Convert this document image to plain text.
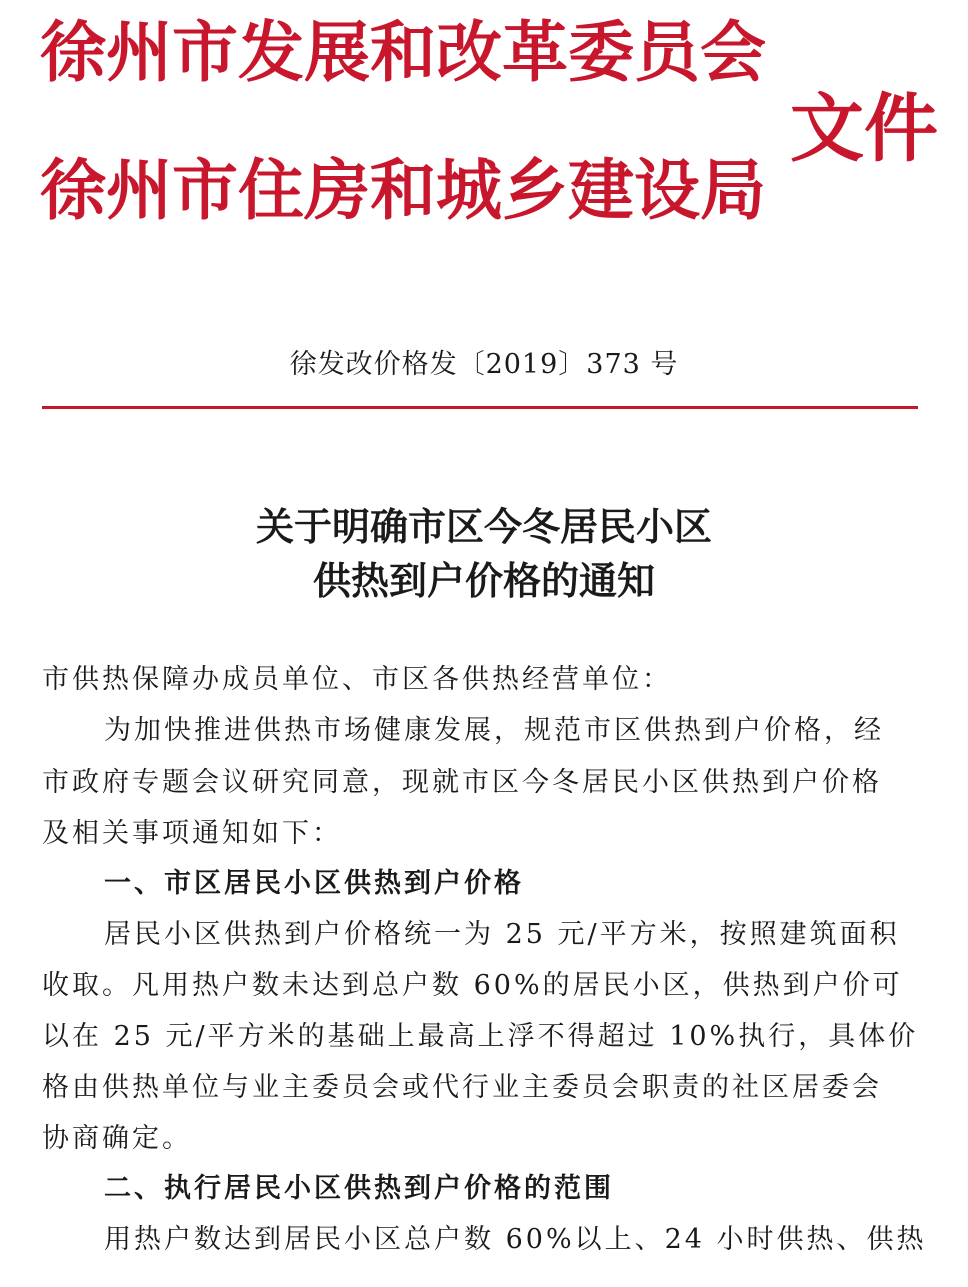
徐州市发展和改革委员会
徐州市住房和城乡建设局
文件
徐发改价格发〔2019〕373 号
关于明确市区今冬居民小区
供热到户价格的通知
市供热保障办成员单位、市区各供热经营单位：
为加快推进供热市场健康发展，规范市区供热到户价格，经
市政府专题会议研究同意，现就市区今冬居民小区供热到户价格
及相关事项通知如下：
一、市区居民小区供热到户价格
居民小区供热到户价格统一为 25 元/平方米，按照建筑面积
收取。凡用热户数未达到总户数 60%的居民小区，供热到户价可
以在 25 元/平方米的基础上最高上浮不得超过 10%执行，具体价
格由供热单位与业主委员会或代行业主委员会职责的社区居委会
协商确定。
二、执行居民小区供热到户价格的范围
用热户数达到居民小区总户数 60%以上、24 小时供热、供热
